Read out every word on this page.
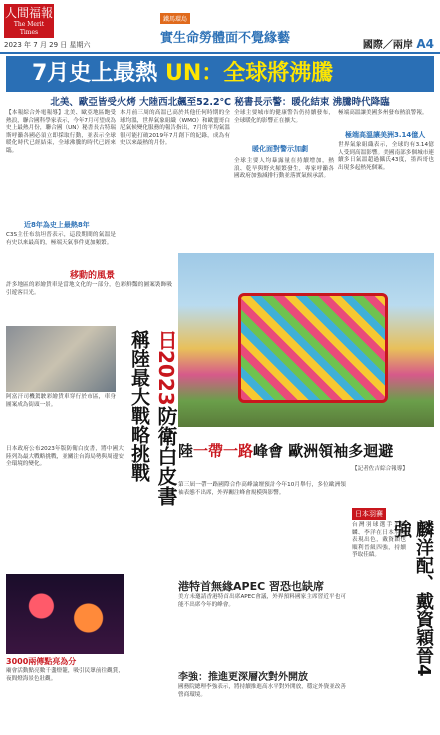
人間福報
The Merit Times
2023 年 7 月 29 日 星期六
鐵馬環島
實生命勞體面不覺緣藝	國際／兩岸 A4
7月史上最熱 UN：全球將沸騰
北美、歐亞皆受火烤 大陸西北飆至52.2℃ 秘書長示警：暖化結束 沸騰時代降臨
【本報綜合外電報導】北美、歐亞地區飽受熱浪，聯合國科學家表示，今年7月可望成為史上最熱月份，聯合國（UN）秘書長古特瑞斯呼籲各國必須立即採取行動，並表示全球暖化時代已經結束，全球沸騰的時代已經來臨。
本月前三周的高溫已高於其他任何時期的全球均溫，世界氣象組織（WMO）和歐盟哥白尼氣候變化服務的報告指出，7月的平均氣溫很可能打破2019年7月創下的紀錄，成為有史以來最熱的月份。
全球主要城市的健康警告仍持續發布，全球暖化的影響正在擴大。
極端高溫讓美國多州發布熱浪警報。
近8年為史上最熱8年
C3S主任布翁坦普表示，這段期間的氣溫是有史以來最高的，極端天氣事件更加頻繁。
暖化面對警示加劇
全球主要人均暴露量在持續增加，熱浪、乾旱與野火頻繁發生，專家呼籲各國政府加強減排行動並落實氣候承諾。
極端高溫讓美洲3.14億人
世界氣象組織表示，全球約有3.14億人受到高溫影響。美國南部多個城市連續多日氣溫超過攝氏43度，墨西哥也出現多起熱死個案。
移動的風景
許多地區的彩繪貨車是當地文化的一部分，色彩鮮豔的圖案裝飾吸引遊客目光。
阿富汗司機駕駛彩繪貨車穿行於市區，車身圖案成為街頭一景。	日2023防衛白皮書
稱陸最大戰略挑戰
日本政府公布2023年版防衛白皮書，將中國大陸列為最大戰略挑戰，並關注台海局勢與周邊安全環境的變化。
3000兩傳點亮為分
廟會活動點亮數千盞燈籠，吸引民眾前往觀賞，夜間燈海景色壯觀。
陸一帶一路峰會 歐洲領袖多迴避
第三屆一帶一路國際合作高峰論壇預計今年10月舉行，多位歐洲領袖表態不出席，外界關注峰會規模與影響。
港特首無緣APEC 習恐也缺席
美方未邀請香港特首出席APEC會議，外界預料國家主席習近平也可能不出席今年的峰會。
李強：推進更深層次對外開放
國務院總理李強表示，將持續推進高水平對外開放，穩定外資並改善營商環境。
【記者佐吉綜合報導】
日本羽賽
麟洋配、戴資穎晉4強
台灣羽球選手王齊麟、李洋在日本羽賽表現出色，戴資穎也順利晉級四強，持續爭取佳績。
